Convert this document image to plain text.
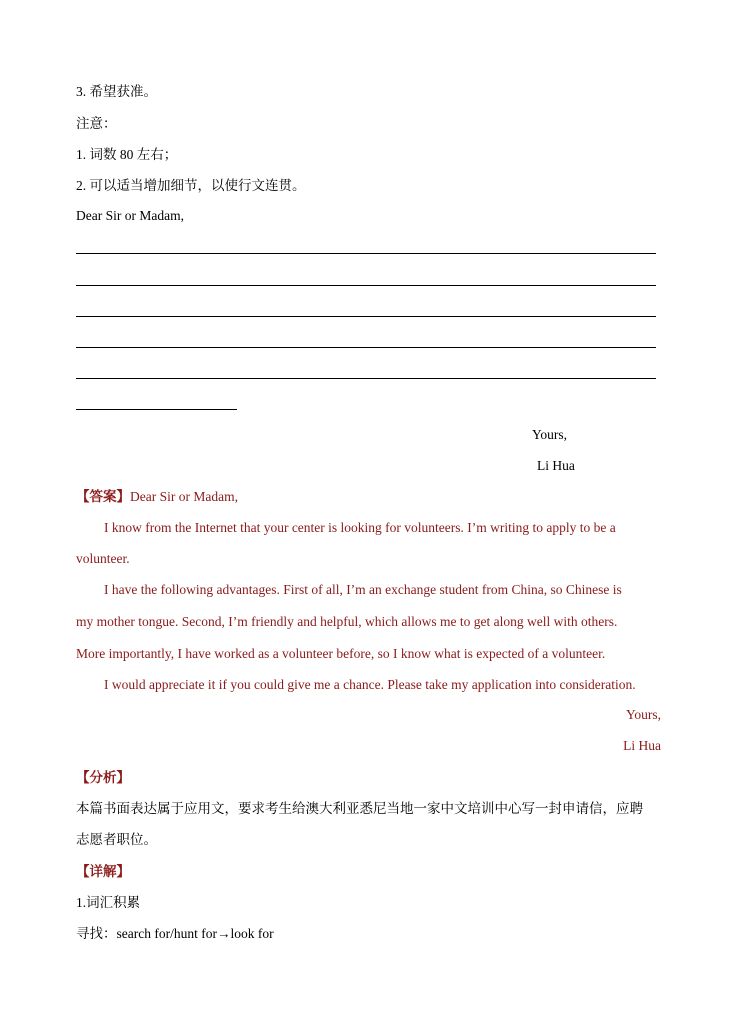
3. 希望获准。
注意：
1. 词数 80 左右；
2. 可以适当增加细节，以使行文连贯。
Dear Sir or Madam,
Yours,
Li Hua
【答案】Dear Sir or Madam,
I know from the Internet that your center is looking for volunteers. I’m writing to apply to be a
volunteer.
I have the following advantages. First of all, I’m an exchange student from China, so Chinese is
my mother tongue. Second, I’m friendly and helpful, which allows me to get along well with others.
More importantly, I have worked as a volunteer before, so I know what is expected of a volunteer.
I would appreciate it if you could give me a chance. Please take my application into consideration.
Yours,
Li Hua
【分析】
本篇书面表达属于应用文，要求考生给澳大利亚悉尼当地一家中文培训中心写一封申请信，应聘
志愿者职位。
【详解】
1.词汇积累
寻找：search for/hunt for→look for
